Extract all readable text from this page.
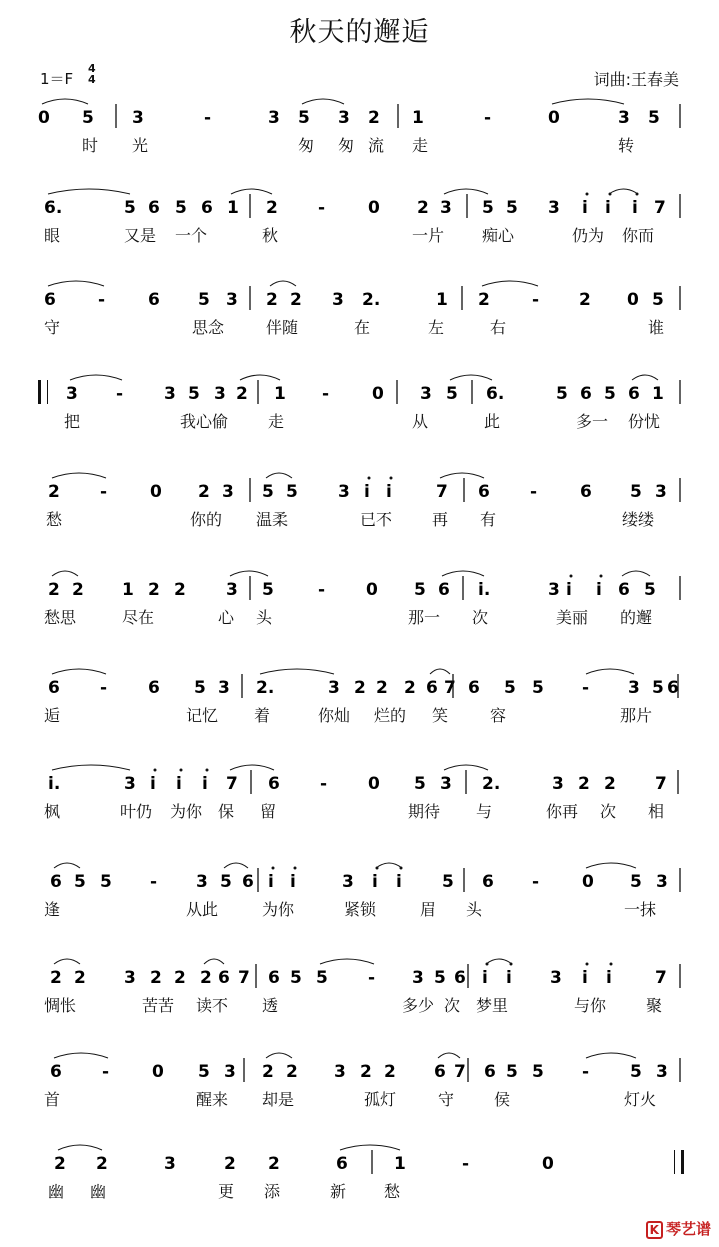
秋天的邂逅
1＝F
4
4	词曲:王春美
0 5 3	-	3 5 3 2 1	-	0	3 5
时 光	匆 匆 流 走	转
6.	5 6 5 6 1 2 -	0 2 3 5 5 3 i i i 7
眼	又是 一个	秋	一片 痴心	仍为 你而
6 -	6 5 3 2 2 3 2.	1 2 - 2 0 5
守	思念	伴随	在	左	右	谁
3 - 3 5 3 2 1 -	0 3 5 6.	5 6 5 6 1
把	我心偷 走	从	此	多一 份忧
2 -	0 2 3 5 5 3 i i	7 6 -	6 5 3
愁	你的 温柔	已不 再 有	缕缕
2 2 1 2 2 3 5	- 0 5 6 i.	3 i i 6 5
愁思	尽在	心 头	那一 次	美丽 的邂
6 - 6 5 3 2.	3 2 2 2 6 7 6 5 5 - 3 5 6
逅	记忆 着	你灿 烂的 笑	容	那片
i.	3 i i i 7 6 - 0 5 3 2.	3 2 2 7
枫	叶仍 为你 保 留	期待 与	你再 次 相
6 5 5 - 3 5 6 i i	3 i i 5 6 -	0 5 3
逢	从此	为你	紧锁	眉 头	一抹
2 2 3 2 2 2 6 7 6 5 5 - 3 5 6 i i 3 i i	7
惆怅	苦苦 读不 透	多少 次 梦里	与你 聚
6 -	0 5 3 2 2 3 2 2 6 7 6 5 5 - 5 3
首	醒来 却是	孤灯	守 侯	灯火
2 2	3	2 2	6	1	-	0
幽 幽	更 添	新 愁
K 琴艺谱
